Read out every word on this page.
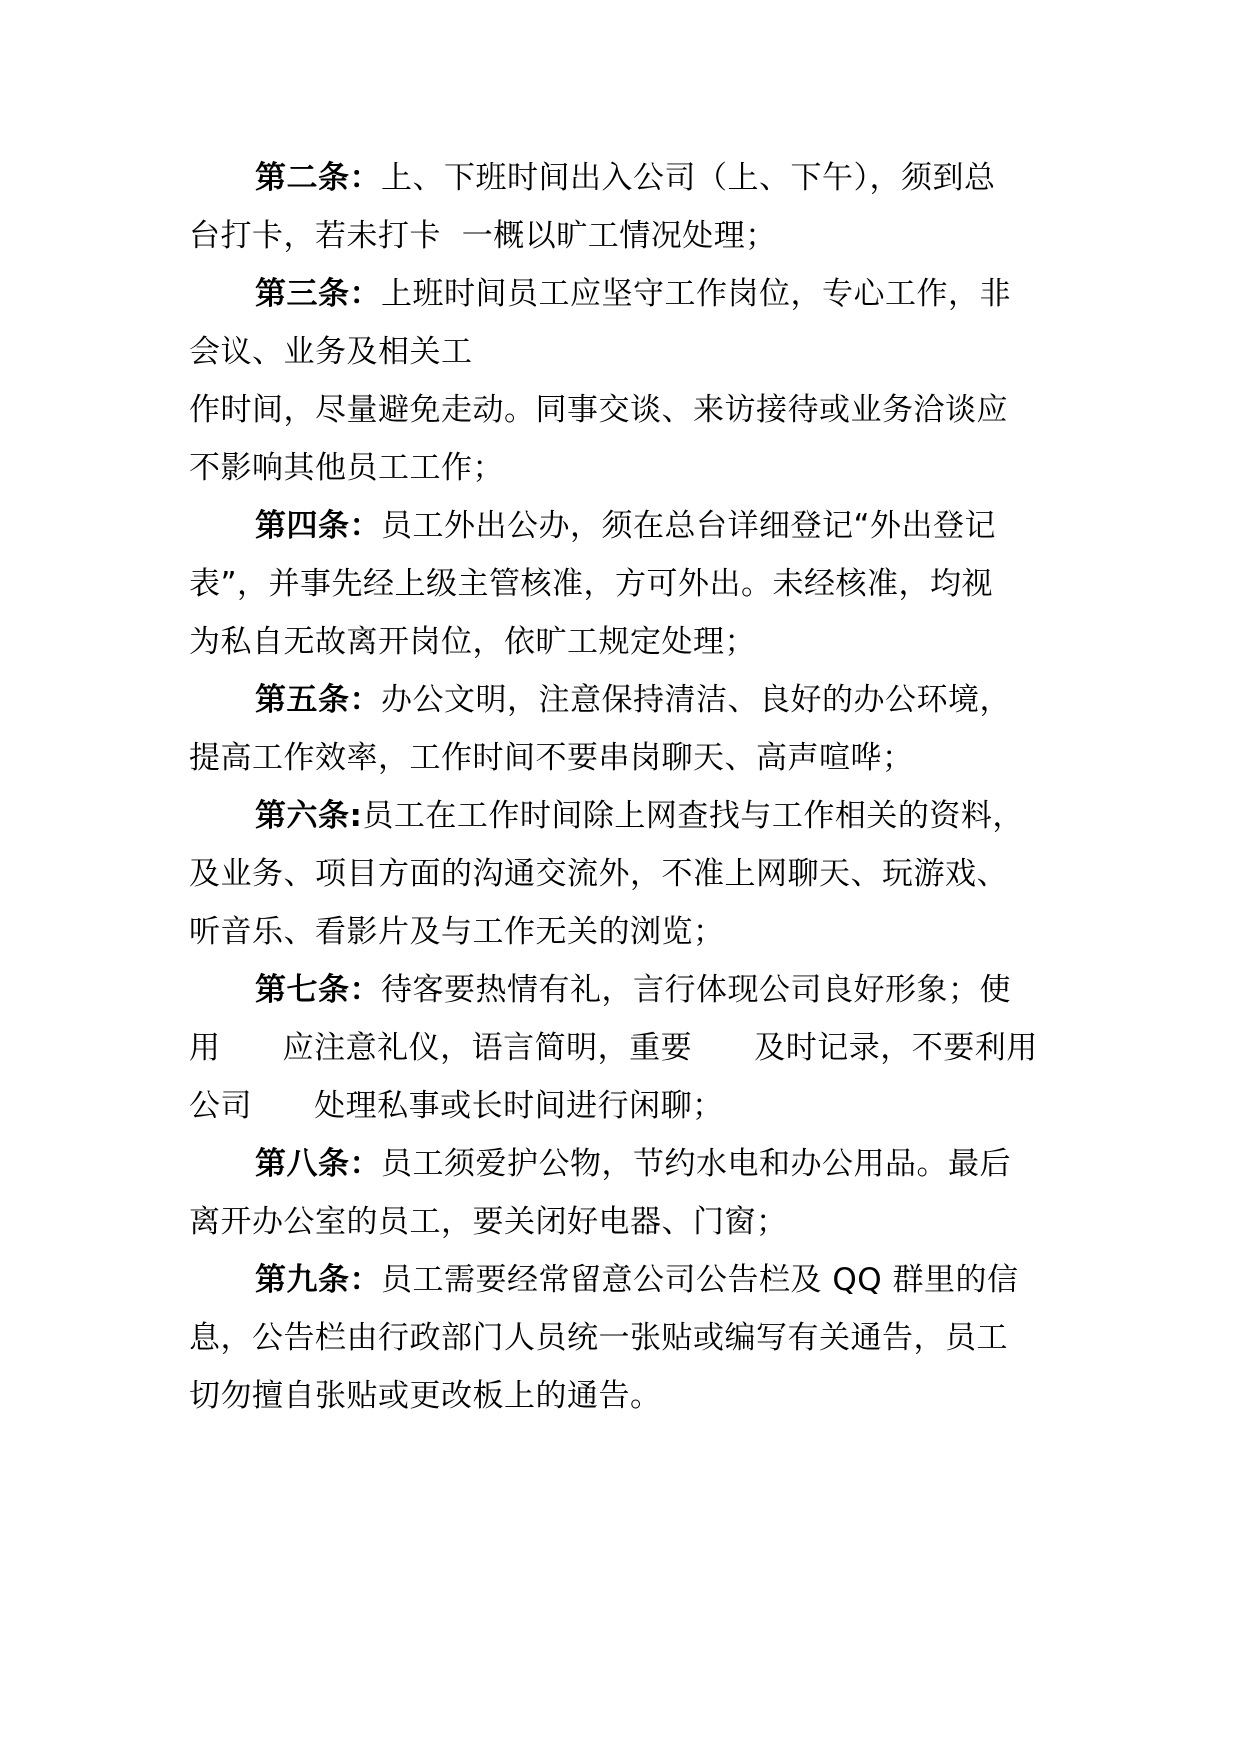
第二条：上、下班时间出入公司（上、下午），须到总
台打卡，若未打卡  一概以旷工情况处理；
第三条：上班时间员工应坚守工作岗位，专心工作，非
会议、业务及相关工
作时间，尽量避免走动。同事交谈、来访接待或业务洽谈应
不影响其他员工工作；
第四条：员工外出公办，须在总台详细登记“外出登记
表”，并事先经上级主管核准，方可外出。未经核准，均视
为私自无故离开岗位，依旷工规定处理；
第五条：办公文明，注意保持清洁、良好的办公环境，
提高工作效率，工作时间不要串岗聊天、高声喧哗；
第六条:员工在工作时间除上网查找与工作相关的资料，
及业务、项目方面的沟通交流外，不准上网聊天、玩游戏、
听音乐、看影片及与工作无关的浏览；
第七条：待客要热情有礼，言行体现公司良好形象；使
用      应注意礼仪，语言简明，重要      及时记录，不要利用
公司      处理私事或长时间进行闲聊；
第八条：员工须爱护公物，节约水电和办公用品。最后
离开办公室的员工，要关闭好电器、门窗；
第九条：员工需要经常留意公司公告栏及 QQ 群里的信
息，公告栏由行政部门人员统一张贴或编写有关通告，员工
切勿擅自张贴或更改板上的通告。
